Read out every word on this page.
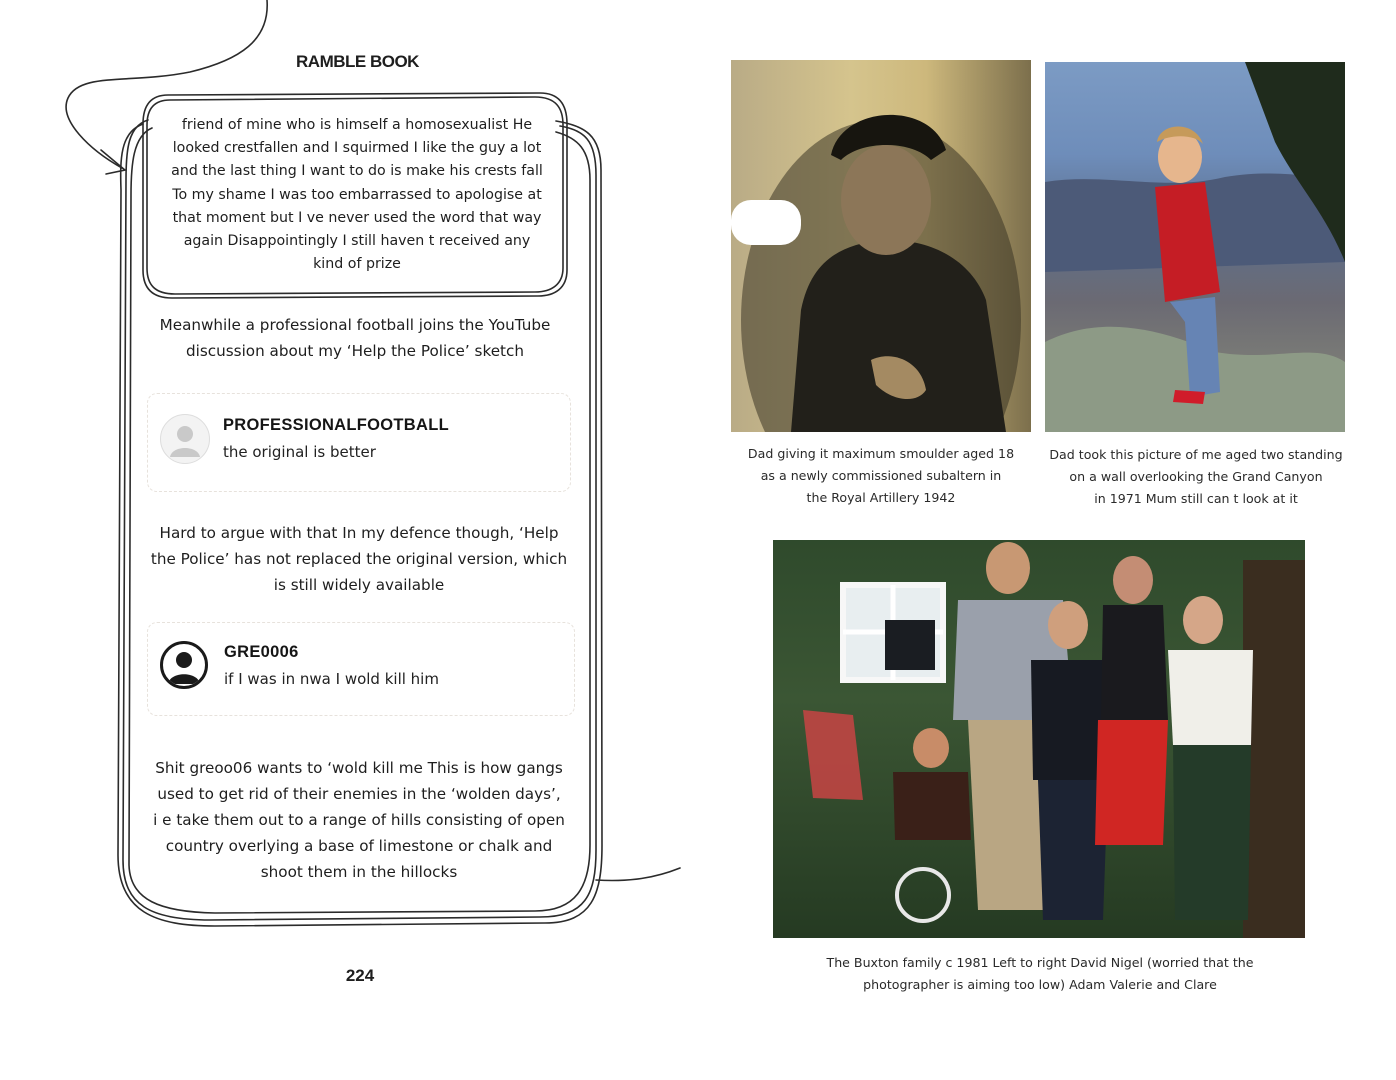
RAMBLE BOOK
friend of mine who is himself a homosexualist He
looked crestfallen and I squirmed I like the guy a lot
and the last thing I want to do is make his crests fall
To my shame I was too embarrassed to apologise at
that moment but I ve never used the word that way
again Disappointingly I still haven t received any
kind of prize
Meanwhile a professional football joins the YouTube
discussion about my ‘Help the Police’ sketch
PROFESSIONALFOOTBALL
the original is better
Hard to argue with that In my defence though, ‘Help
the Police’ has not replaced the original version, which
is still widely available
GRE0006
if I was in nwa I wold kill him
Shit greoo06 wants to ‘wold kill me This is how gangs
used to get rid of their enemies in the ‘wolden days’,
i e take them out to a range of hills consisting of open
country overlying a base of limestone or chalk and
shoot them in the hillocks
224
Dad giving it maximum smoulder aged 18
as a newly commissioned subaltern in
the Royal Artillery 1942
Dad took this picture of me aged two standing
on a wall overlooking the Grand Canyon
in 1971 Mum still can t look at it
The Buxton family c 1981 Left to right David Nigel (worried that the
photographer is aiming too low) Adam Valerie and Clare
